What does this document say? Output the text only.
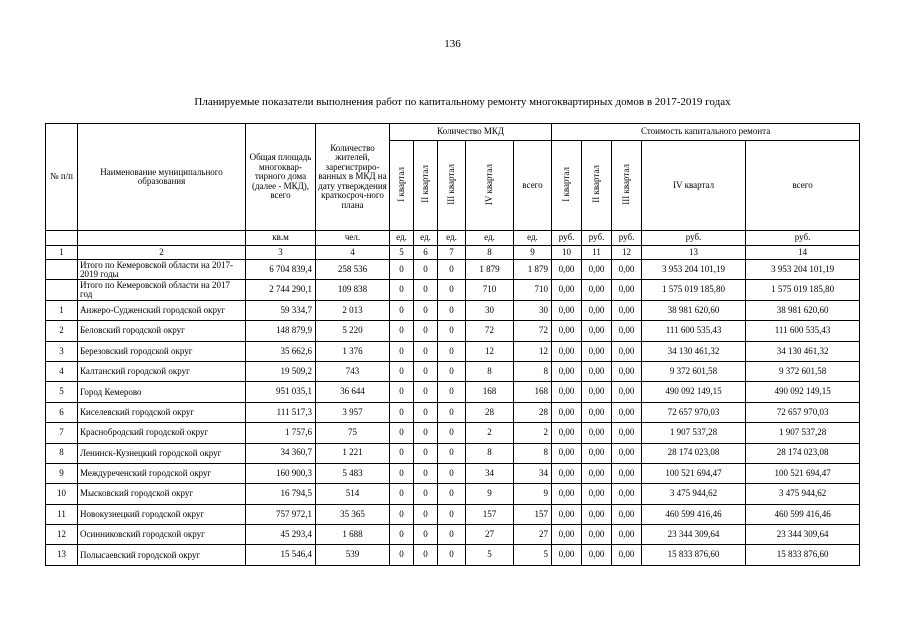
136
Планируемые показатели выполнения работ по капитальному ремонту многоквартирных домов в 2017-2019 годах
№ п/п	Наименование муниципального образования	Общая площадь многоквар-тирного дома (далее - МКД), всего	Количество жителей, зарегистриро-ванных в МКД на дату утверждения краткосроч-ного плана	Количество МКД					Стоимость капитального ремонта				
				I квартал	II квартал	III квартал	IV квартал	всего	I квартал	II квартал	III квартал	IV квартал	всего
		кв.м	чел.	ед.	ед.	ед.	ед.	ед.	руб.	руб.	руб.	руб.	руб.
1	2	3	4	5	6	7	8	9	10	11	12	13	14
	Итого по Кемеровской области на 2017-2019 годы	6 704 839,4	258 536	0	0	0	1 879	1 879	0,00	0,00	0,00	3 953 204 101,19	3 953 204 101,19
	Итого по Кемеровской области на 2017 год	2 744 290,1	109 838	0	0	0	710	710	0,00	0,00	0,00	1 575 019 185,80	1 575 019 185,80
1	Анжеро-Судженский городской округ	59 334,7	2 013	0	0	0	30	30	0,00	0,00	0,00	38 981 620,60	38 981 620,60
2	Беловский городской округ	148 879,9	5 220	0	0	0	72	72	0,00	0,00	0,00	111 600 535,43	111 600 535,43
3	Березовский городской округ	35 662,6	1 376	0	0	0	12	12	0,00	0,00	0,00	34 130 461,32	34 130 461,32
4	Калтанский городской округ	19 509,2	743	0	0	0	8	8	0,00	0,00	0,00	9 372 601,58	9 372 601,58
5	Город Кемерово	951 035,1	36 644	0	0	0	168	168	0,00	0,00	0,00	490 092 149,15	490 092 149,15
6	Киселевский городской округ	111 517,3	3 957	0	0	0	28	28	0,00	0,00	0,00	72 657 970,03	72 657 970,03
7	Краснобродский городской округ	1 757,6	75	0	0	0	2	2	0,00	0,00	0,00	1 907 537,28	1 907 537,28
8	Ленинск-Кузнецкий городской округ	34 360,7	1 221	0	0	0	8	8	0,00	0,00	0,00	28 174 023,08	28 174 023,08
9	Междуреченский городской округ	160 900,3	5 483	0	0	0	34	34	0,00	0,00	0,00	100 521 694,47	100 521 694,47
10	Мысковский городской округ	16 794,5	514	0	0	0	9	9	0,00	0,00	0,00	3 475 944,62	3 475 944,62
11	Новокузнецкий городской округ	757 972,1	35 365	0	0	0	157	157	0,00	0,00	0,00	460 599 416,46	460 599 416,46
12	Осинниковский городской округ	45 293,4	1 688	0	0	0	27	27	0,00	0,00	0,00	23 344 309,64	23 344 309,64
13	Полысаевский городской округ	15 546,4	539	0	0	0	5	5	0,00	0,00	0,00	15 833 876,60	15 833 876,60
